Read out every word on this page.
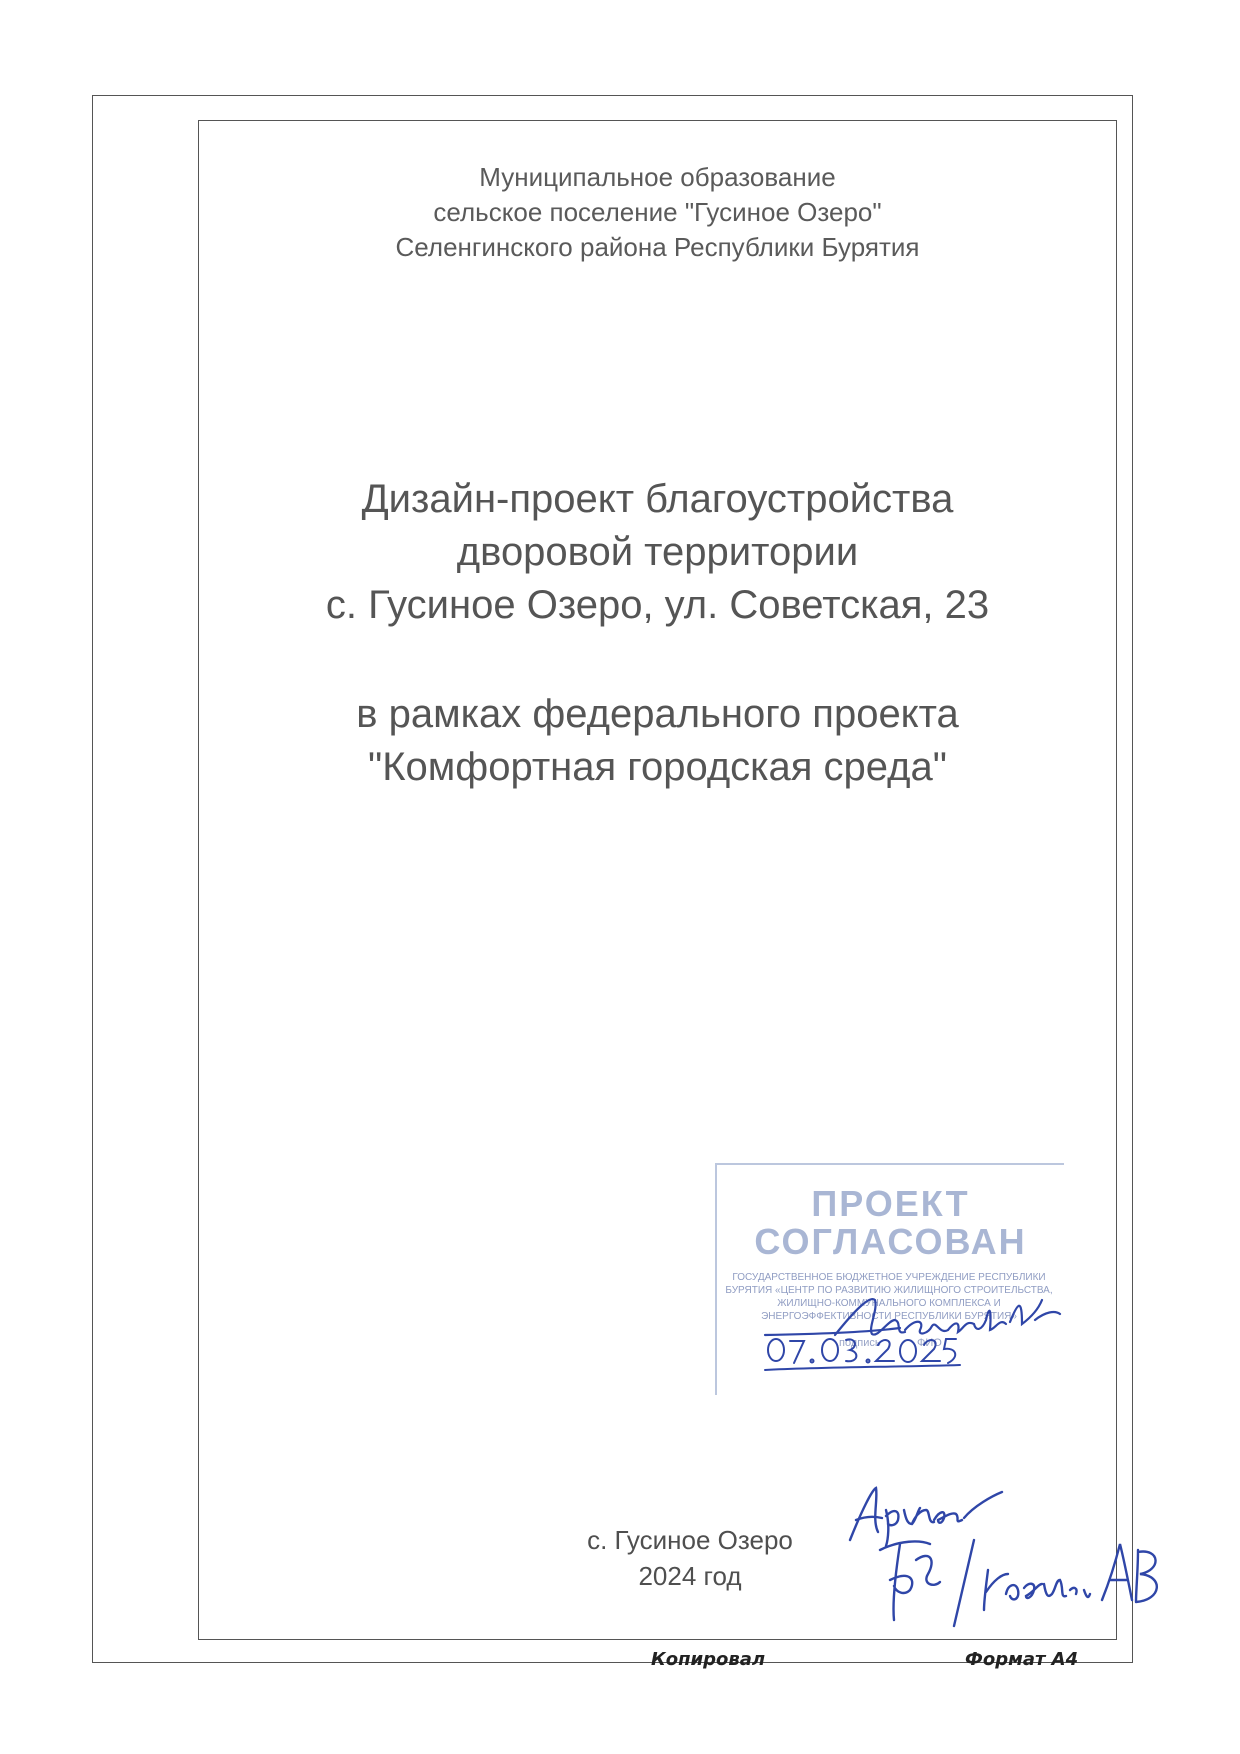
Муниципальное образование
сельское поселение "Гусиное Озеро"
Селенгинского района Республики Бурятия
Дизайн-проект благоустройства
дворовой территории
с. Гусиное Озеро, ул. Советская, 23
в рамках федерального проекта
"Комфортная городская среда"
ПРОЕКТ
СОГЛАСОВАН
ГОСУДАРСТВЕННОЕ БЮДЖЕТНОЕ УЧРЕЖДЕНИЕ РЕСПУБЛИКИ БУРЯТИЯ «ЦЕНТР ПО РАЗВИТИЮ ЖИЛИЩНОГО СТРОИТЕЛЬСТВА, ЖИЛИЩНО-КОММУНАЛЬНОГО КОМПЛЕКСА И ЭНЕРГОЭФФЕКТИВНОСТИ РЕСПУБЛИКИ БУРЯТИЯ»
подпись	ФИО
с. Гусиное Озеро
2024 год
Копировал	Формат А4
